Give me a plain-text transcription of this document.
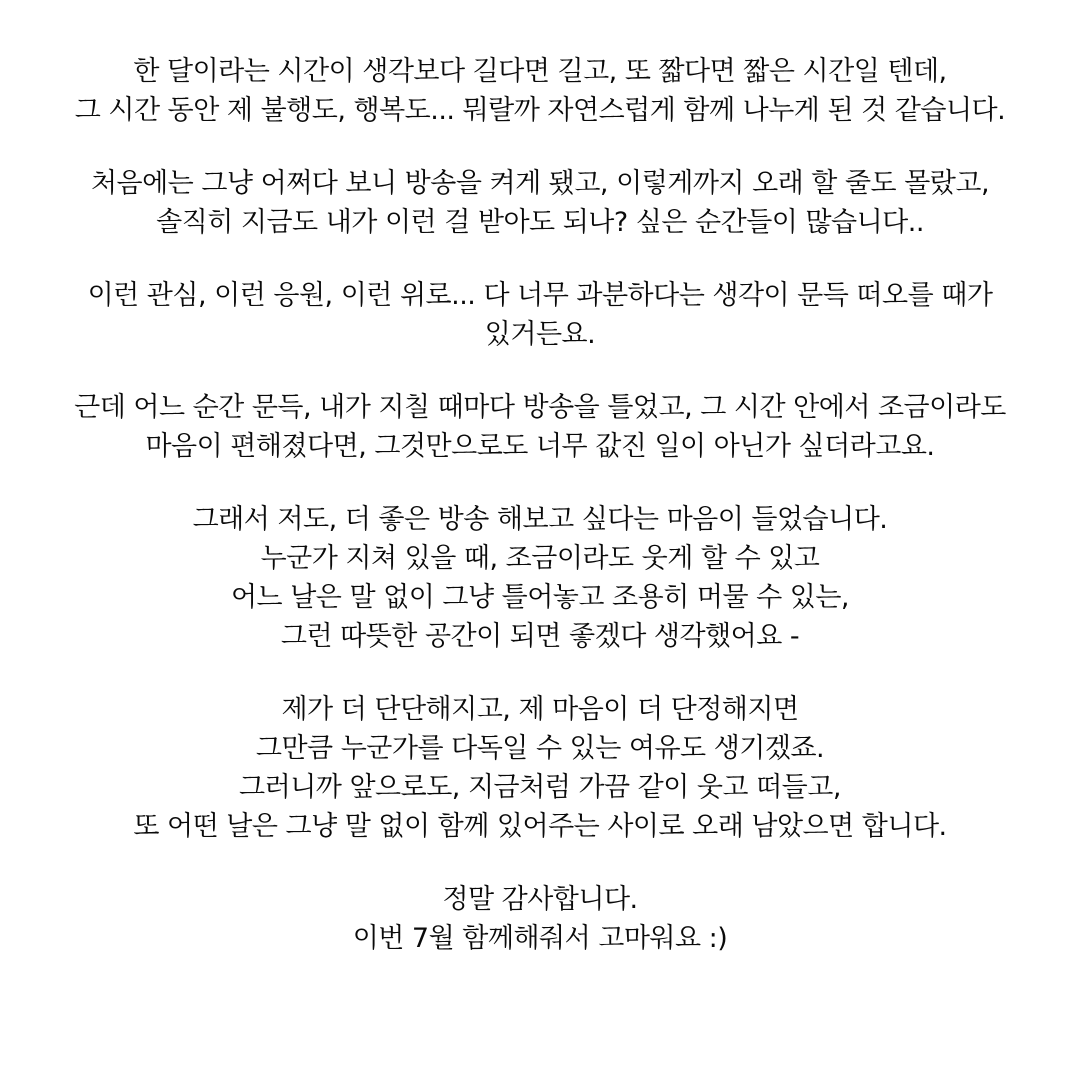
한 달이라는 시간이 생각보다 길다면 길고, 또 짧다면 짧은 시간일 텐데,
그 시간 동안 제 불행도, 행복도... 뭐랄까 자연스럽게 함께 나누게 된 것 같습니다.

처음에는 그냥 어쩌다 보니 방송을 켜게 됐고, 이렇게까지 오래 할 줄도 몰랐고,
솔직히 지금도 내가 이런 걸 받아도 되나? 싶은 순간들이 많습니다..

이런 관심, 이런 응원, 이런 위로... 다 너무 과분하다는 생각이 문득 떠오를 때가
있거든요.

근데 어느 순간 문득, 내가 지칠 때마다 방송을 틀었고, 그 시간 안에서 조금이라도
마음이 편해졌다면, 그것만으로도 너무 값진 일이 아닌가 싶더라고요.

그래서 저도, 더 좋은 방송 해보고 싶다는 마음이 들었습니다.
누군가 지쳐 있을 때, 조금이라도 웃게 할 수 있고
어느 날은 말 없이 그냥 틀어놓고 조용히 머물 수 있는,
그런 따뜻한 공간이 되면 좋겠다 생각했어요 -

제가 더 단단해지고, 제 마음이 더 단정해지면
그만큼 누군가를 다독일 수 있는 여유도 생기겠죠.
그러니까 앞으로도, 지금처럼 가끔 같이 웃고 떠들고,
또 어떤 날은 그냥 말 없이 함께 있어주는 사이로 오래 남았으면 합니다.

정말 감사합니다.
이번 7월 함께해줘서 고마워요 :)
